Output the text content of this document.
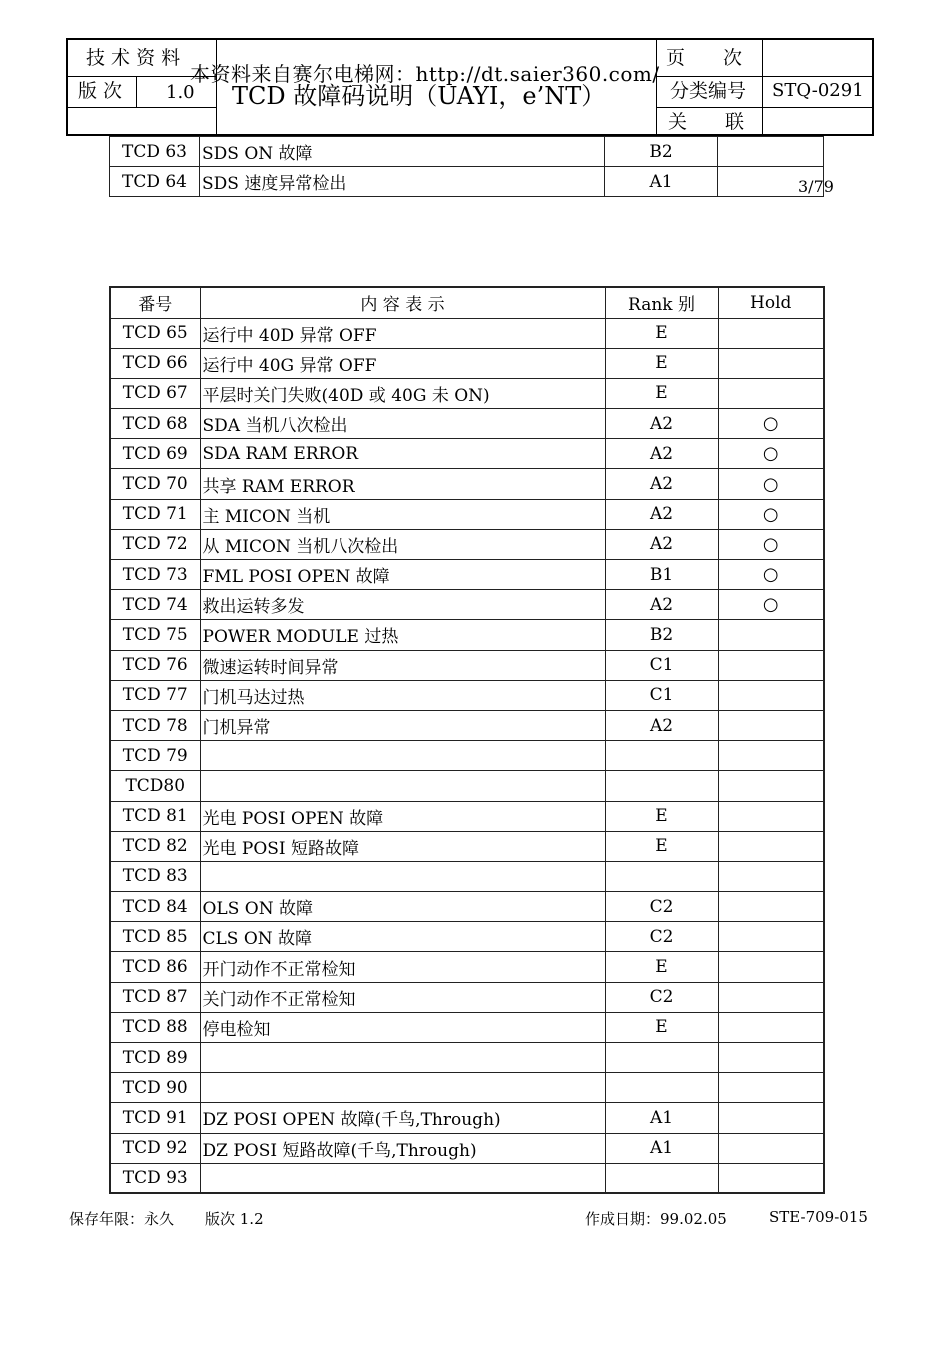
技 术 资 料
版 次 1.0
页　　次
分类编号 STQ-0291
关　　联
TCD 故障码说明（UAYI，e’NT）
本资料来自赛尔电梯网：http://dt.saier360.com/
TCD 63	SDS ON 故障	B2	
TCD 64	SDS 速度异常检出	A1		3/79
番号	内 容 表 示	Rank 别	Hold
TCD 65	运行中 40D 异常 OFF	E	
TCD 66	运行中 40G 异常 OFF	E	
TCD 67	平层时关门失败(40D 或 40G 未 ON)	E	
TCD 68	SDA 当机八次检出	A2	○
TCD 69	SDA RAM ERROR	A2	○
TCD 70	共享 RAM ERROR	A2	○
TCD 71	主 MICON 当机	A2	○
TCD 72	从 MICON 当机八次检出	A2	○
TCD 73	FML POSI OPEN 故障	B1	○
TCD 74	救出运转多发	A2	○
TCD 75	POWER MODULE 过热	B2	
TCD 76	微速运转时间异常	C1	
TCD 77	门机马达过热	C1	
TCD 78	门机异常	A2	
TCD 79			
TCD80			
TCD 81	光电 POSI OPEN 故障	E	
TCD 82	光电 POSI 短路故障	E	
TCD 83			
TCD 84	OLS ON 故障	C2	
TCD 85	CLS ON 故障	C2	
TCD 86	开门动作不正常检知	E	
TCD 87	关门动作不正常检知	C2	
TCD 88	停电检知	E	
TCD 89			
TCD 90			
TCD 91	DZ POSI OPEN 故障(千鸟,Through)	A1	
TCD 92	DZ POSI 短路故障(千鸟,Through)	A1	
TCD 93			
保存年限：永久 版次 1.2	作成日期：99.02.05	STE-709-015
